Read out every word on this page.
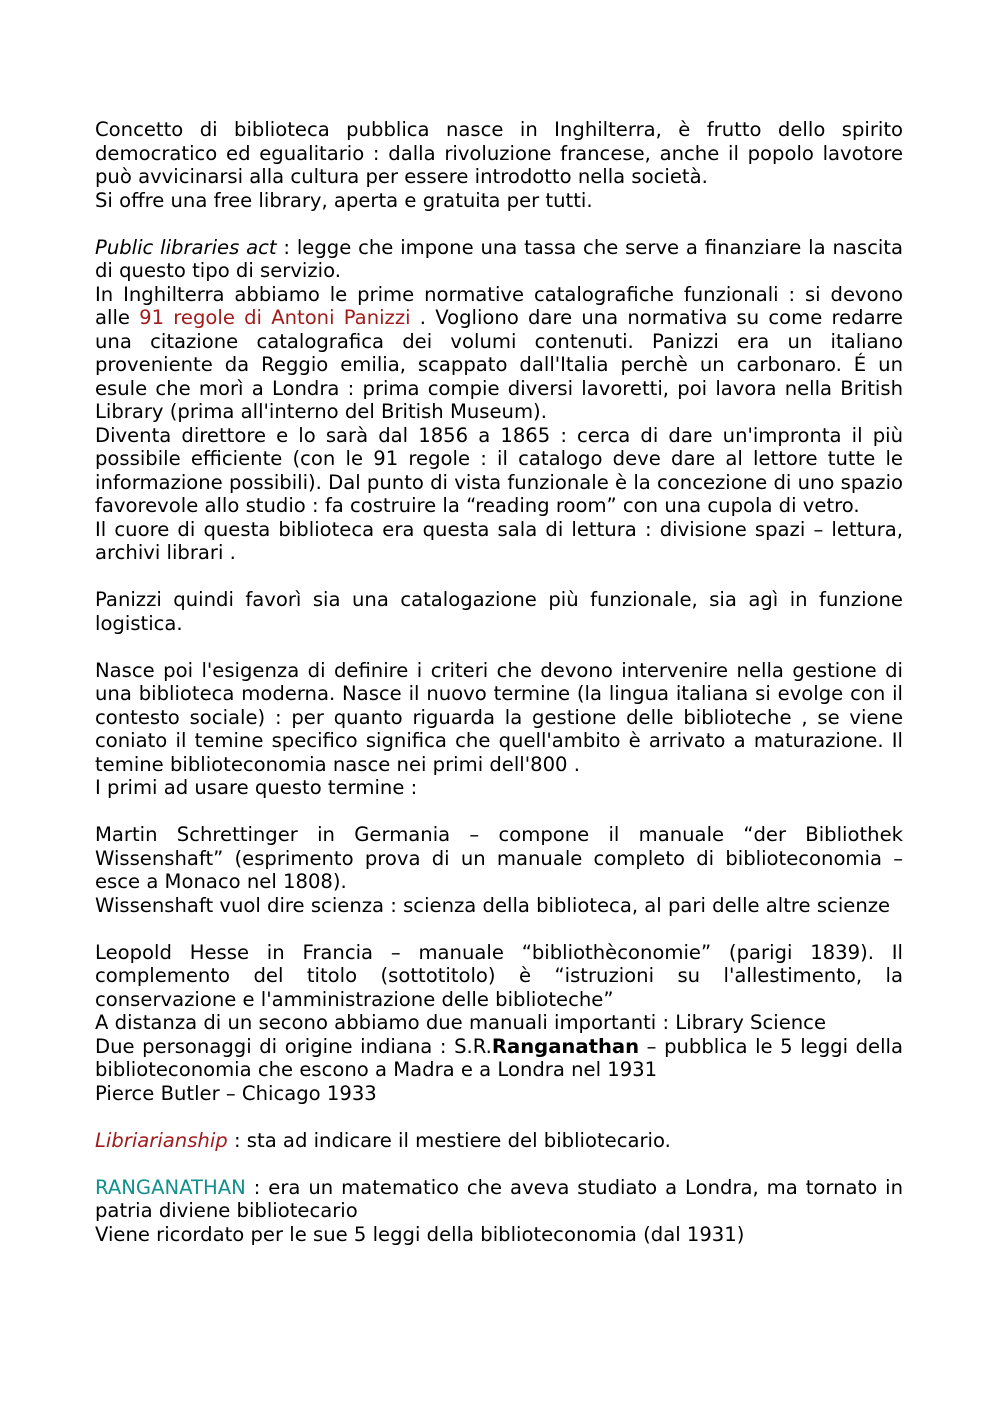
Concetto di biblioteca pubblica nasce in Inghilterra, è frutto dello spirito democratico ed egualitario : dalla rivoluzione francese, anche il popolo lavotore può avvicinarsi alla cultura per essere introdotto nella società.

Si offre una free library, aperta e gratuita per tutti.

Public libraries act : legge che impone una tassa che serve a finanziare la nascita di questo tipo di servizio.

In Inghilterra abbiamo le prime normative catalografiche funzionali : si devono alle 91 regole di Antoni Panizzi . Vogliono dare una normativa su come redarre una citazione catalografica dei volumi contenuti. Panizzi era un italiano proveniente da Reggio emilia, scappato dall'Italia perchè un carbonaro. É un esule che morì a Londra : prima compie diversi lavoretti, poi lavora nella British Library (prima all'interno del British Museum).

Diventa direttore e lo sarà dal 1856 a 1865 : cerca di dare un'impronta il più possibile efficiente (con le 91 regole : il catalogo deve dare al lettore tutte le informazione possibili). Dal punto di vista funzionale è la concezione di uno spazio favorevole allo studio : fa costruire la “reading room” con una cupola di vetro.

Il cuore di questa biblioteca era questa sala di lettura : divisione spazi – lettura, archivi librari .

Panizzi quindi favorì sia una catalogazione più funzionale, sia agì in funzione logistica.

Nasce poi l'esigenza di definire i criteri che devono intervenire nella gestione di una biblioteca moderna. Nasce il nuovo termine (la lingua italiana si evolge con il contesto sociale) : per quanto riguarda la gestione delle biblioteche , se viene coniato il temine specifico significa che quell'ambito è arrivato a maturazione. Il temine biblioteconomia nasce nei primi dell'800 .

I primi ad usare questo termine :

Martin Schrettinger in Germania – compone il manuale “der Bibliothek Wissenshaft” (esprimento prova di un manuale completo di biblioteconomia – esce a Monaco nel 1808).

Wissenshaft vuol dire scienza : scienza della biblioteca, al pari delle altre scienze

Leopold Hesse in Francia – manuale “bibliothèconomie” (parigi 1839). Il complemento del titolo (sottotitolo) è “istruzioni su l'allestimento, la conservazione e l'amministrazione delle biblioteche”

A distanza di un secono abbiamo due manuali importanti : Library Science

Due personaggi di origine indiana : S.R.Ranganathan – pubblica le 5 leggi della biblioteconomia che escono a Madra e a Londra nel 1931

Pierce Butler – Chicago 1933

Libriarianship : sta ad indicare il mestiere del bibliotecario.

RANGANATHAN : era un matematico che aveva studiato a Londra, ma tornato in patria diviene bibliotecario

Viene ricordato per le sue 5 leggi della biblioteconomia (dal 1931)
